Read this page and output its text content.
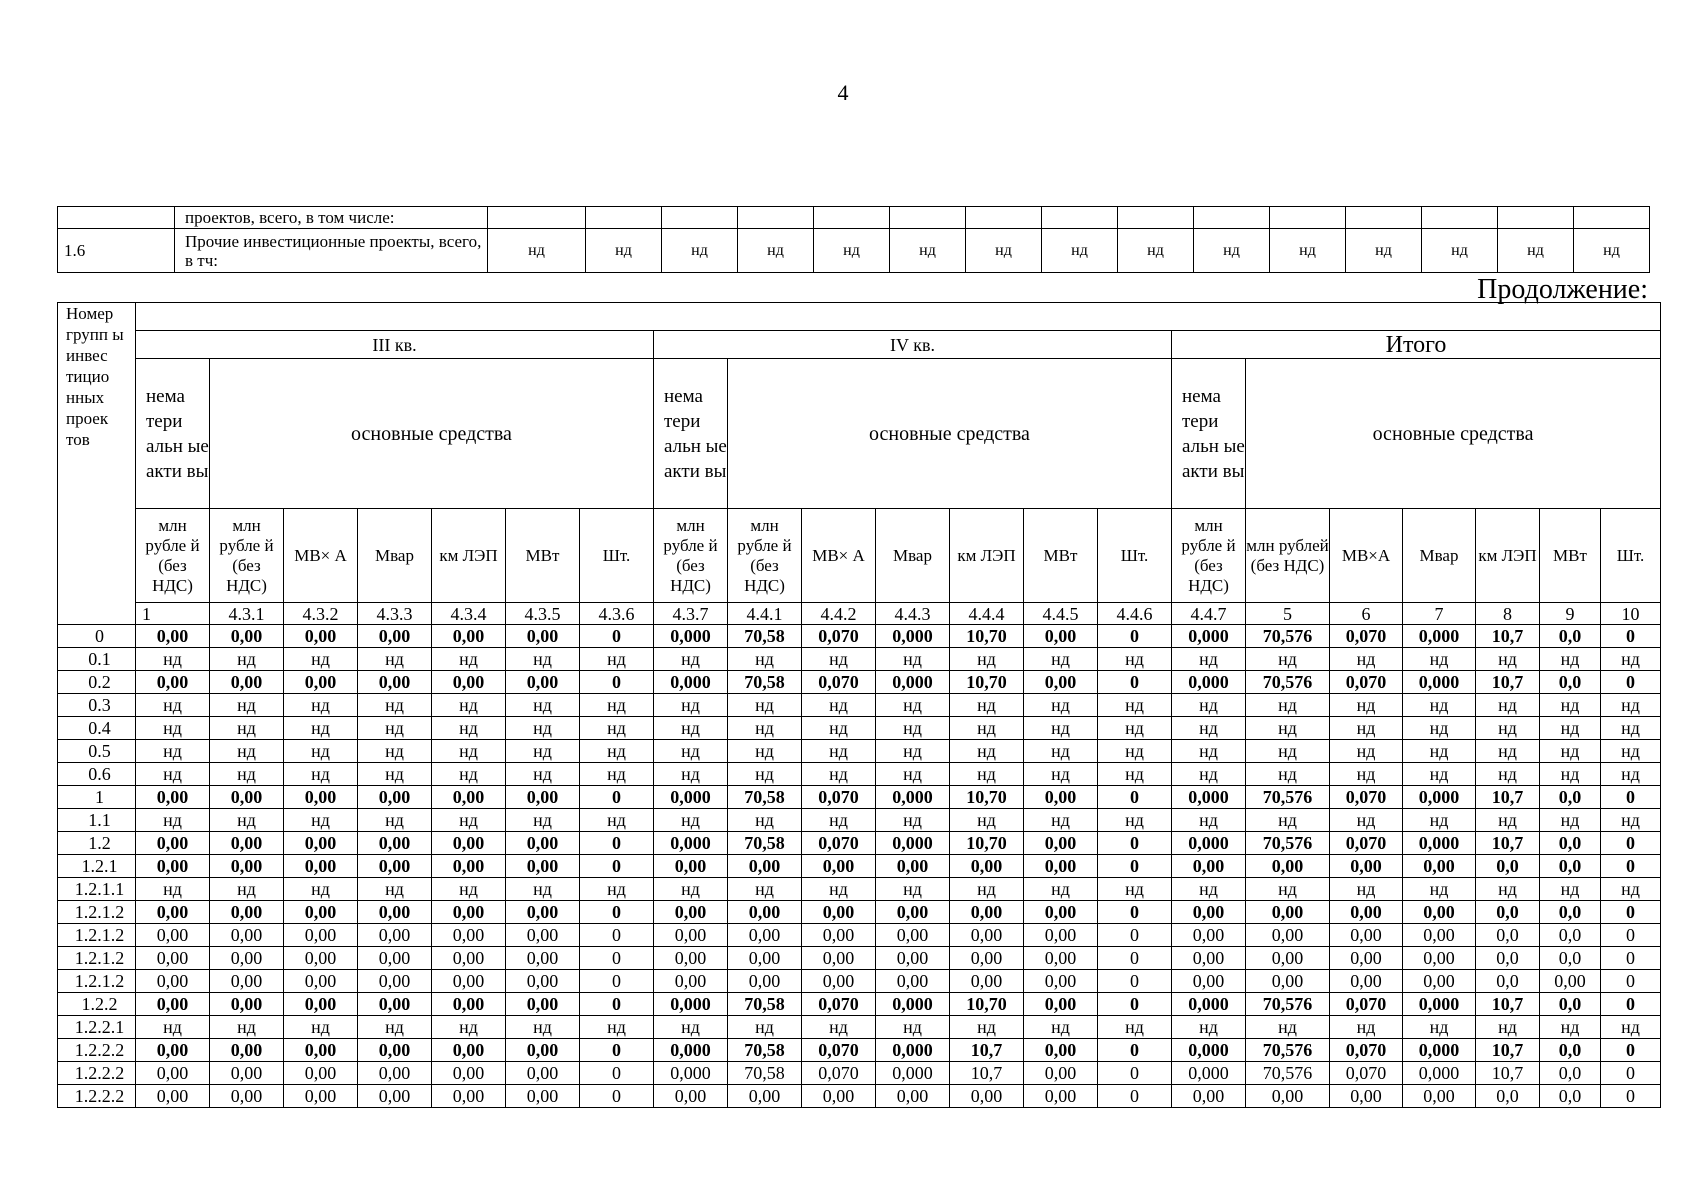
4
	проектов, всего, в том числе:															
1.6	Прочие инвестиционные проекты, всего, в тч:	нд	нд	нд	нд	нд	нд	нд	нд	нд	нд	нд	нд	нд	нд	нд
Продолжение:
Номер групп ы инвес тицио нных проек тов																						
	III кв.							IV кв.							Итого							
	нема тери альн ые акти вы	основные средства						нема тери альн ые акти вы	основные средства						нема тери альн ые акти вы	основные средства						
	млн рубле й (без НДС)	млн рубле й (без НДС)	МВ× А	Мвар	км ЛЭП	МВт	Шт.	млн рубле й (без НДС)	млн рубле й (без НДС)	МВ× А	Мвар	км ЛЭП	МВт	Шт.	млн рубле й (без НДС)	млн рублей (без НДС)	МВ×А	Мвар	км ЛЭП	МВт	Шт.	
	1	4.3.1	4.3.2	4.3.3	4.3.4	4.3.5	4.3.6	4.3.7	4.4.1	4.4.2	4.4.3	4.4.4	4.4.5	4.4.6	4.4.7	5	6	7	8	9	10	
0	0,00	0,00	0,00	0,00	0,00	0,00	0	0,000	70,58	0,070	0,000	10,70	0,00	0	0,000	70,576	0,070	0,000	10,7	0,0	0	
0.1	нд	нд	нд	нд	нд	нд	нд	нд	нд	нд	нд	нд	нд	нд	нд	нд	нд	нд	нд	нд	нд	
0.2	0,00	0,00	0,00	0,00	0,00	0,00	0	0,000	70,58	0,070	0,000	10,70	0,00	0	0,000	70,576	0,070	0,000	10,7	0,0	0	
0.3	нд	нд	нд	нд	нд	нд	нд	нд	нд	нд	нд	нд	нд	нд	нд	нд	нд	нд	нд	нд	нд	
0.4	нд	нд	нд	нд	нд	нд	нд	нд	нд	нд	нд	нд	нд	нд	нд	нд	нд	нд	нд	нд	нд	
0.5	нд	нд	нд	нд	нд	нд	нд	нд	нд	нд	нд	нд	нд	нд	нд	нд	нд	нд	нд	нд	нд	
0.6	нд	нд	нд	нд	нд	нд	нд	нд	нд	нд	нд	нд	нд	нд	нд	нд	нд	нд	нд	нд	нд	
1	0,00	0,00	0,00	0,00	0,00	0,00	0	0,000	70,58	0,070	0,000	10,70	0,00	0	0,000	70,576	0,070	0,000	10,7	0,0	0	
1.1	нд	нд	нд	нд	нд	нд	нд	нд	нд	нд	нд	нд	нд	нд	нд	нд	нд	нд	нд	нд	нд	
1.2	0,00	0,00	0,00	0,00	0,00	0,00	0	0,000	70,58	0,070	0,000	10,70	0,00	0	0,000	70,576	0,070	0,000	10,7	0,0	0	
1.2.1	0,00	0,00	0,00	0,00	0,00	0,00	0	0,00	0,00	0,00	0,00	0,00	0,00	0	0,00	0,00	0,00	0,00	0,0	0,0	0	
1.2.1.1	нд	нд	нд	нд	нд	нд	нд	нд	нд	нд	нд	нд	нд	нд	нд	нд	нд	нд	нд	нд	нд	
1.2.1.2	0,00	0,00	0,00	0,00	0,00	0,00	0	0,00	0,00	0,00	0,00	0,00	0,00	0	0,00	0,00	0,00	0,00	0,0	0,0	0	
1.2.1.2	0,00	0,00	0,00	0,00	0,00	0,00	0	0,00	0,00	0,00	0,00	0,00	0,00	0	0,00	0,00	0,00	0,00	0,0	0,0	0	
1.2.1.2	0,00	0,00	0,00	0,00	0,00	0,00	0	0,00	0,00	0,00	0,00	0,00	0,00	0	0,00	0,00	0,00	0,00	0,0	0,0	0	
1.2.1.2	0,00	0,00	0,00	0,00	0,00	0,00	0	0,00	0,00	0,00	0,00	0,00	0,00	0	0,00	0,00	0,00	0,00	0,0	0,00	0	
1.2.2	0,00	0,00	0,00	0,00	0,00	0,00	0	0,000	70,58	0,070	0,000	10,70	0,00	0	0,000	70,576	0,070	0,000	10,7	0,0	0	
1.2.2.1	нд	нд	нд	нд	нд	нд	нд	нд	нд	нд	нд	нд	нд	нд	нд	нд	нд	нд	нд	нд	нд	
1.2.2.2	0,00	0,00	0,00	0,00	0,00	0,00	0	0,000	70,58	0,070	0,000	10,7	0,00	0	0,000	70,576	0,070	0,000	10,7	0,0	0	
1.2.2.2	0,00	0,00	0,00	0,00	0,00	0,00	0	0,000	70,58	0,070	0,000	10,7	0,00	0	0,000	70,576	0,070	0,000	10,7	0,0	0	
1.2.2.2	0,00	0,00	0,00	0,00	0,00	0,00	0	0,00	0,00	0,00	0,00	0,00	0,00	0	0,00	0,00	0,00	0,00	0,0	0,0	0	
